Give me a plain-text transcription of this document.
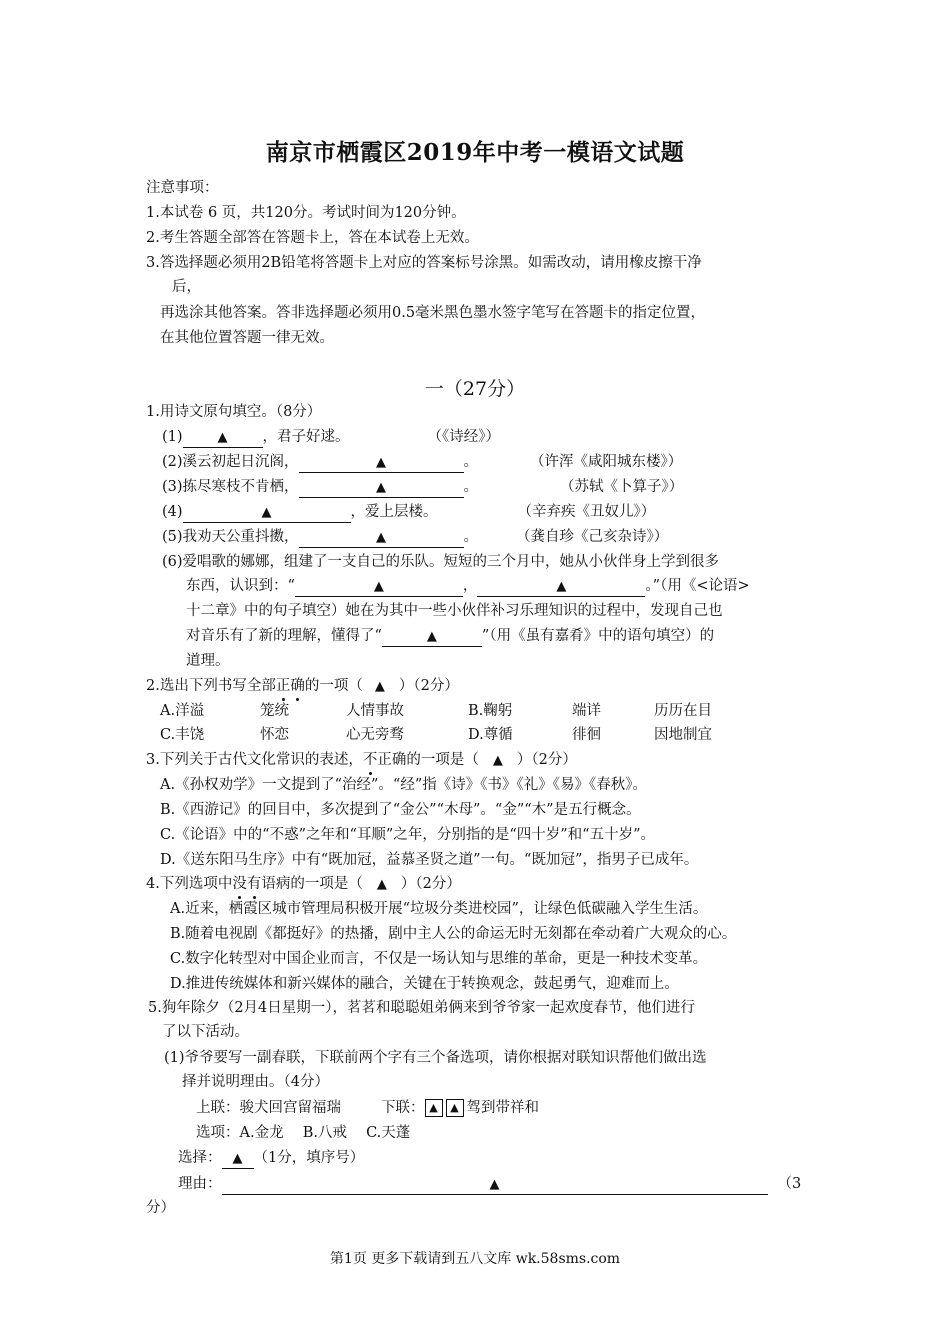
南京市栖霞区2019年中考一模语文试题
注意事项：
1.本试卷 6 页，共120分。考试时间为120分钟。
2.考生答题全部答在答题卡上，答在本试卷上无效。
3.答选择题必须用2B铅笔将答题卡上对应的答案标号涂黑。如需改动，请用橡皮擦干净
后，
再选涂其他答案。答非选择题必须用0.5毫米黑色墨水签字笔写在答题卡的指定位置，
在其他位置答题一律无效。
一（27分）
1.用诗文原句填空。（8分）
(1)	▲ ，君子好逑。	（《诗经》）
(2)溪云初起日沉阁，	▲	。	（许浑《咸阳城东楼》）
(3)拣尽寒枝不肯栖，	▲	。	（苏轼《卜算子》）
(4)	▲	，爱上层楼。	（辛弃疾《丑奴儿》）
(5)我劝天公重抖擞，	▲	。	（龚自珍《己亥杂诗》）
(6)爱唱歌的娜娜，组建了一支自己的乐队。短短的三个月中，她从小伙伴身上学到很多
东西，认识到：“	▲	，	▲	。”（用《<论语>
十二章》中的句子填空）她在为其中一些小伙伴补习乐理知识的过程中，发现自己也
对音乐有了新的理解，懂得了“	▲	”（用《虽有嘉肴》中的语句填空）的
道理。
2.选出下列书写全部正确的一项（ ▲ ）（2分）
A.洋溢	笼统	人情事故	B.鞠躬	端详	历历在目
C.丰饶	怀恋	心无旁骛	D.尊循	徘徊	因地制宜
3.下列关于古代文化常识的表述，不正确的一项是（ ▲ ）（2分）
A.《孙权劝学》一文提到了“治经”。“经”指《诗》《书》《礼》《易》《春秋》。
B.《西游记》的回目中，多次提到了“金公”“木母”。“金”“木”是五行概念。
C.《论语》中的“不惑”之年和“耳顺”之年，分别指的是“四十岁”和“五十岁”。
D.《送东阳马生序》中有“既加冠，益慕圣贤之道”一句。“既加冠”，指男子已成年。
4.下列选项中没有语病的一项是（ ▲ ）（2分）
A.近来，栖霞区城市管理局积极开展“垃圾分类进校园”，让绿色低碳融入学生生活。
B.随着电视剧《都挺好》的热播，剧中主人公的命运无时无刻都在牵动着广大观众的心。
C.数字化转型对中国企业而言，不仅是一场认知与思维的革命，更是一种技术变革。
D.推进传统媒体和新兴媒体的融合，关键在于转换观念，鼓起勇气，迎难而上。
5.狗年除夕（2月4日星期一），茗茗和聪聪姐弟俩来到爷爷家一起欢度春节，他们进行
了以下活动。
(1)爷爷要写一副春联，下联前两个字有三个备选项，请你根据对联知识帮他们做出选
择并说明理由。（4分）
上联：骏犬回宫留福瑞	下联： ▲ ▲ 驾到带祥和
选项：A.金龙　 B.八戒　 C.天蓬
选择： ▲ （1分，填序号）
理由：	▲	（3
分）
第1页 更多下载请到五八文库 wk.58sms.com
